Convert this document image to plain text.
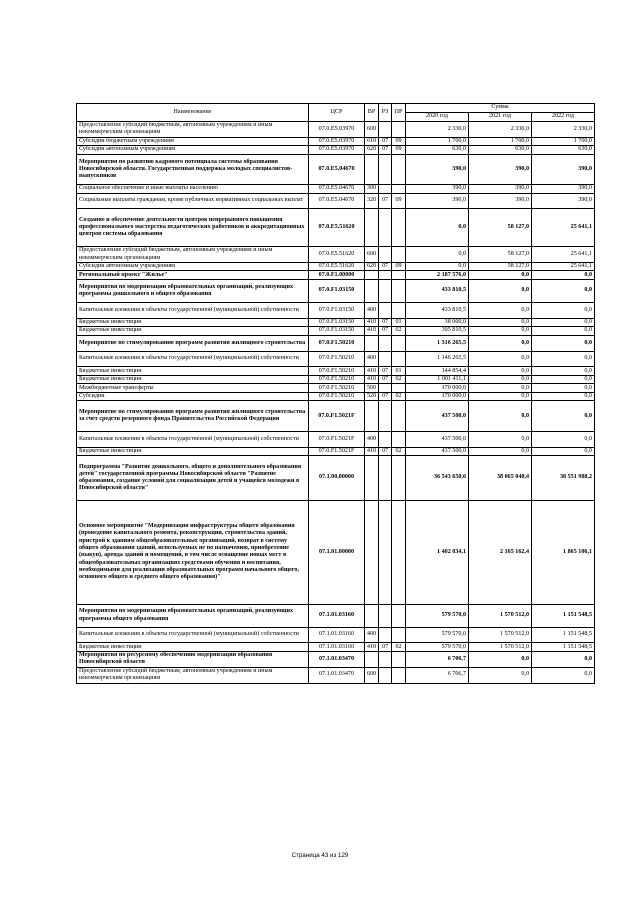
Наименование	ЦСР	ВР	РЗ	ПР	Сумма		
					2020 год	2021 год	2022 год
Предоставление субсидий бюджетным, автономным учреждениям и иным некоммерческим организациям	07.0.E5.03970	600			2 330,0	2 330,0	2 330,0
Субсидии бюджетным учреждениям	07.0.E5.03970	610	07	09	1 700,0	1 700,0	1 700,0
Субсидии автономным учреждениям	07.0.E5.03970	620	07	09	630,0	630,0	630,0
Мероприятия по развитию кадрового потенциала системы образования Новосибирской области. Государственная поддержка молодых специалистов-выпускников	07.0.E5.04670				390,0	390,0	390,0
Социальное обеспечение и иные выплаты населению	07.0.E5.04670	300			390,0	390,0	390,0
Социальные выплаты гражданам, кроме публичных нормативных социальных выплат	07.0.E5.04670	320	07	09	390,0	390,0	390,0
Создание и обеспечение деятельности центров непрерывного повышения профессионального мастерства педагогических работников и аккредитационных центров системы образования	07.0.E5.51620				0,0	58 127,0	25 641,1
Предоставление субсидий бюджетным, автономным учреждениям и иным некоммерческим организациям	07.0.E5.51620	600			0,0	58 127,0	25 641,1
Субсидии автономным учреждениям	07.0.E5.51620	620	07	09	0,0	58 127,0	25 641,1
Региональный проект "Жилье"	07.0.F1.00000				2 187 576,0	0,0	0,0
Мероприятия по модернизации образовательных организаций, реализующих программы дошкольного и общего образования	07.0.F1.03150				433 810,5	0,0	0,0
Капитальные вложения в объекты государственной (муниципальной) собственности	07.0.F1.03150	400			433 810,5	0,0	0,0
Бюджетные инвестиции	07.0.F1.03150	410	07	01	38 000,0	0,0	0,0
Бюджетные инвестиции	07.0.F1.03150	410	07	02	395 810,5	0,0	0,0
Мероприятие по стимулированию программ развития жилищного строительства	07.0.F1.50210				1 316 265,5	0,0	0,0
Капитальные вложения в объекты государственной (муниципальной) собственности	07.0.F1.50210	400			1 146 265,5	0,0	0,0
Бюджетные инвестиции	07.0.F1.50210	410	07	01	144 854,4	0,0	0,0
Бюджетные инвестиции	07.0.F1.50210	410	07	02	1 001 411,1	0,0	0,0
Межбюджетные трансферты	07.0.F1.50210	500			170 000,0	0,0	0,0
Субсидии	07.0.F1.50210	520	07	02	170 000,0	0,0	0,0
Мероприятие по стимулированию программ развития жилищного строительства за счет средств резервного фонда Правительства Российской Федерации	07.0.F1.5021F				437 500,0	0,0	0,0
Капитальные вложения в объекты государственной (муниципальной) собственности	07.0.F1.5021F	400			437 500,0	0,0	0,0
Бюджетные инвестиции	07.0.F1.5021F	410	07	02	437 500,0	0,0	0,0
Подпрограмма "Развитие дошкольного, общего и дополнительного образования детей" государственной программы Новосибирской области "Развитие образования, создание условий для социализации детей и учащейся молодежи в Новосибирской области"	07.1.00.00000				36 543 650,6	38 065 048,4	38 551 988,2
Основное мероприятие "Модернизация инфраструктуры общего образования (проведение капитального ремонта, реконструкции, строительства зданий, пристрой к зданиям общеобразовательных организаций, возврат в систему общего образования зданий, используемых не по назначению, приобретение (выкуп), аренда зданий и помещений, в том числе оснащение новых мест в общеобразовательных организациях средствами обучения и воспитания, необходимыми для реализации образовательных программ начального общего, основного общего и среднего общего образования)"	07.1.01.00000				1 402 034,1	2 165 162,4	1 865 106,1
Мероприятия по модернизации образовательных организаций, реализующих программы общего образования	07.1.01.03160				579 570,0	1 570 512,0	1 151 548,5
Капитальные вложения в объекты государственной (муниципальной) собственности	07.1.01.03160	400			579 570,0	1 570 512,0	1 151 548,5
Бюджетные инвестиции	07.1.01.03160	410	07	02	579 570,0	1 570 512,0	1 151 548,5
Мероприятия по ресурсному обеспечению модернизации образования Новосибирской области	07.1.01.03470				6 706,7	0,0	0,0
Предоставление субсидий бюджетным, автономным учреждениям и иным некоммерческим организациям	07.1.01.03470	600			6 706,7	0,0	0,0
Страница 43 из 129
